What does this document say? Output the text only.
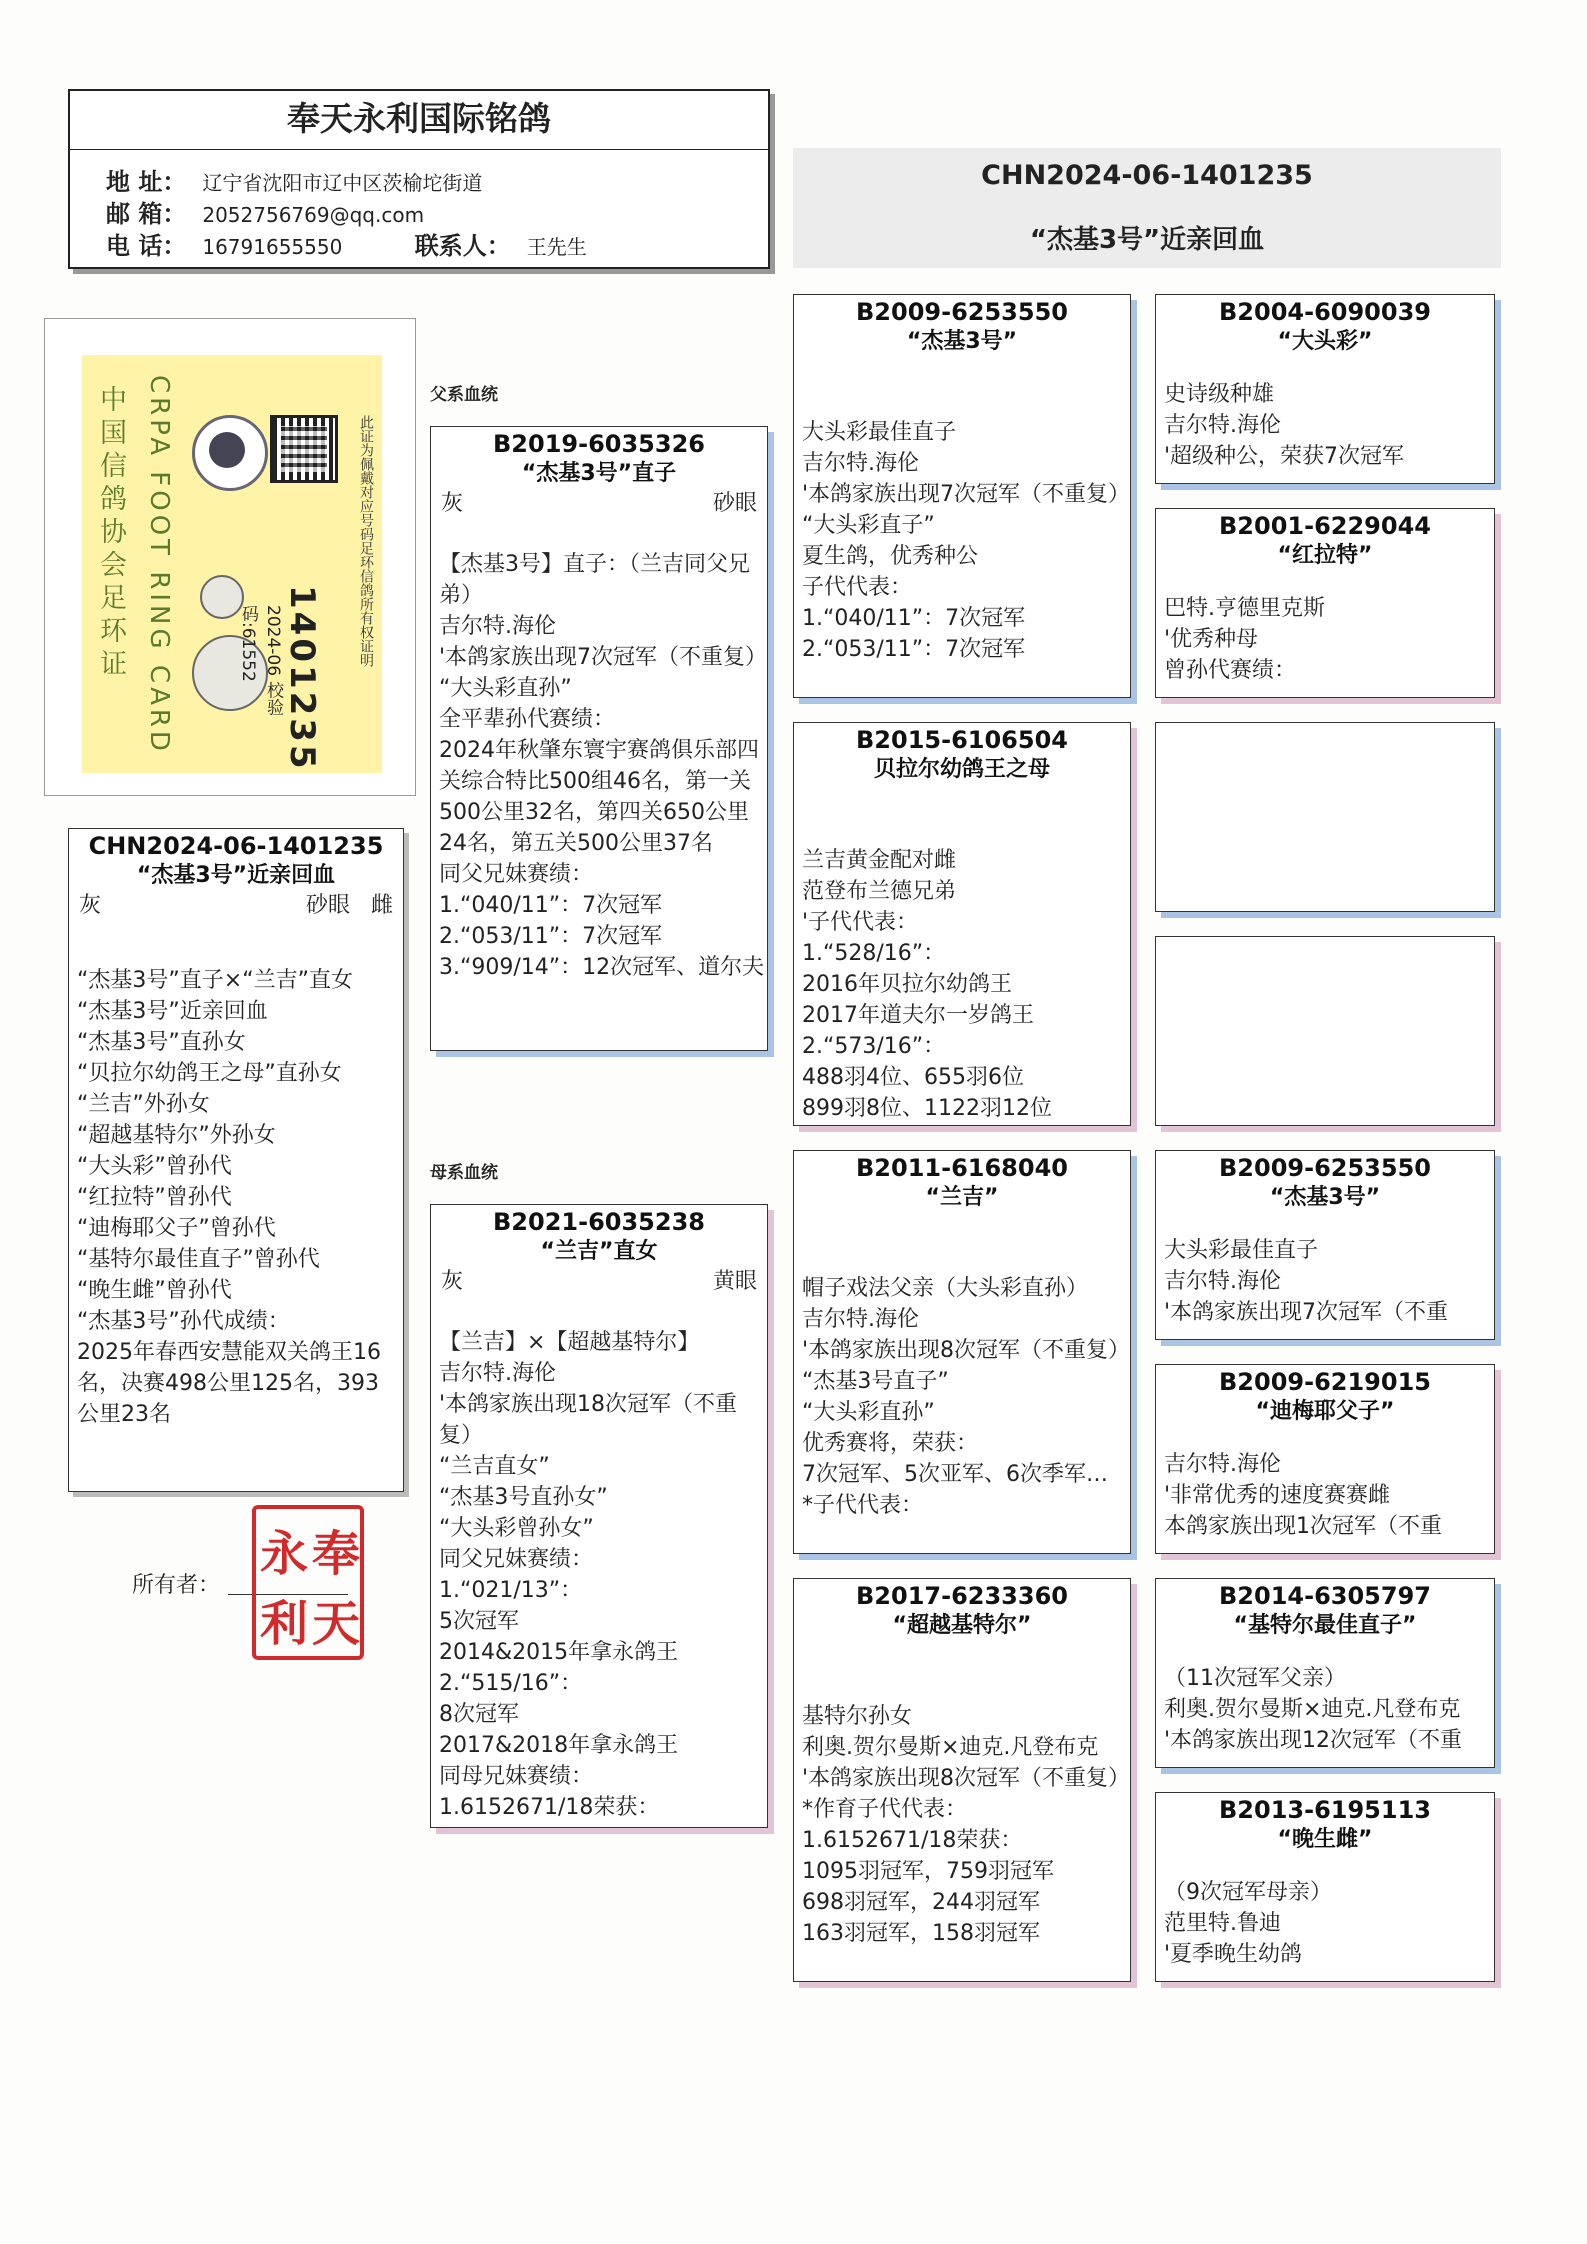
奉天永利国际铭鸽
地 址： 辽宁省沈阳市辽中区茨榆坨街道
邮 箱： 2052756769@qq.com
电 话： 16791655550	联系人： 王先生
CHN2024-06-1401235
“杰基3号”近亲回血
中国信鸽协会足环证 CRPA FOOT RING CARD	2024-06 校验码:61552 1401235
此证为佩戴对应号码足环信鸽所有权证明
父系血统
母系血统
CHN2024-06-1401235
“杰基3号”近亲回血
灰	砂眼 雌
“杰基3号”直子×“兰吉”直女
“杰基3号”近亲回血
“杰基3号”直孙女
“贝拉尔幼鸽王之母”直孙女
“兰吉”外孙女
“超越基特尔”外孙女
“大头彩”曾孙代
“红拉特”曾孙代
“迪梅耶父子”曾孙代
“基特尔最佳直子”曾孙代
“晚生雌”曾孙代
“杰基3号”孙代成绩：
2025年春西安慧能双关鸽王16名，决赛498公里125名，393公里23名
所有者：
奉
天
永
利
B2019-6035326
“杰基3号”直子
灰	砂眼
【杰基3号】直子：（兰吉同父兄弟）
吉尔特.海伦
'本鸽家族出现7次冠军（不重复）
“大头彩直孙”
全平辈孙代赛绩：
2024年秋肇东寰宇赛鸽俱乐部四关综合特比500组46名，第一关500公里32名，第四关650公里24名，第五关500公里37名
同父兄妹赛绩：
1.“040/11”：7次冠军
2.“053/11”：7次冠军
3.“909/14”：12次冠军、道尔夫
B2021-6035238
“兰吉”直女
灰	黄眼
【兰吉】×【超越基特尔】
吉尔特.海伦
'本鸽家族出现18次冠军（不重复）
“兰吉直女”
“杰基3号直孙女”
“大头彩曾孙女”
同父兄妹赛绩：
1.“021/13”：
5次冠军
2014&2015年拿永鸽王
2.“515/16”：
8次冠军
2017&2018年拿永鸽王
同母兄妹赛绩：
1.6152671/18荣获：
B2009-6253550
“杰基3号”
大头彩最佳直子
吉尔特.海伦
'本鸽家族出现7次冠军（不重复）
“大头彩直子”
夏生鸽，优秀种公
子代代表：
1.“040/11”：7次冠军
2.“053/11”：7次冠军
B2015-6106504
贝拉尔幼鸽王之母
兰吉黄金配对雌
范登布兰德兄弟
'子代代表：
1.“528/16”：
2016年贝拉尔幼鸽王
2017年道夫尔一岁鸽王
2.“573/16”：
488羽4位、655羽6位
899羽8位、1122羽12位
B2011-6168040
“兰吉”
帽子戏法父亲（大头彩直孙）
吉尔特.海伦
'本鸽家族出现8次冠军（不重复）
“杰基3号直子”
“大头彩直孙”
优秀赛将，荣获：
7次冠军、5次亚军、6次季军…
*子代代表：
B2017-6233360
“超越基特尔”
基特尔孙女
利奥.贺尔曼斯×迪克.凡登布克
'本鸽家族出现8次冠军（不重复）
*作育子代代表：
1.6152671/18荣获：
1095羽冠军，759羽冠军
698羽冠军，244羽冠军
163羽冠军，158羽冠军
B2004-6090039
“大头彩”
史诗级种雄
吉尔特.海伦
'超级种公，荣获7次冠军
B2001-6229044
“红拉特”
巴特.亨德里克斯
'优秀种母
曾孙代赛绩：
B2009-6253550
“杰基3号”
大头彩最佳直子
吉尔特.海伦
'本鸽家族出现7次冠军（不重
B2009-6219015
“迪梅耶父子”
吉尔特.海伦
'非常优秀的速度赛赛雌
本鸽家族出现1次冠军（不重
B2014-6305797
“基特尔最佳直子”
（11次冠军父亲）
利奥.贺尔曼斯×迪克.凡登布克
'本鸽家族出现12次冠军（不重
B2013-6195113
“晚生雌”
（9次冠军母亲）
范里特.鲁迪
'夏季晚生幼鸽
